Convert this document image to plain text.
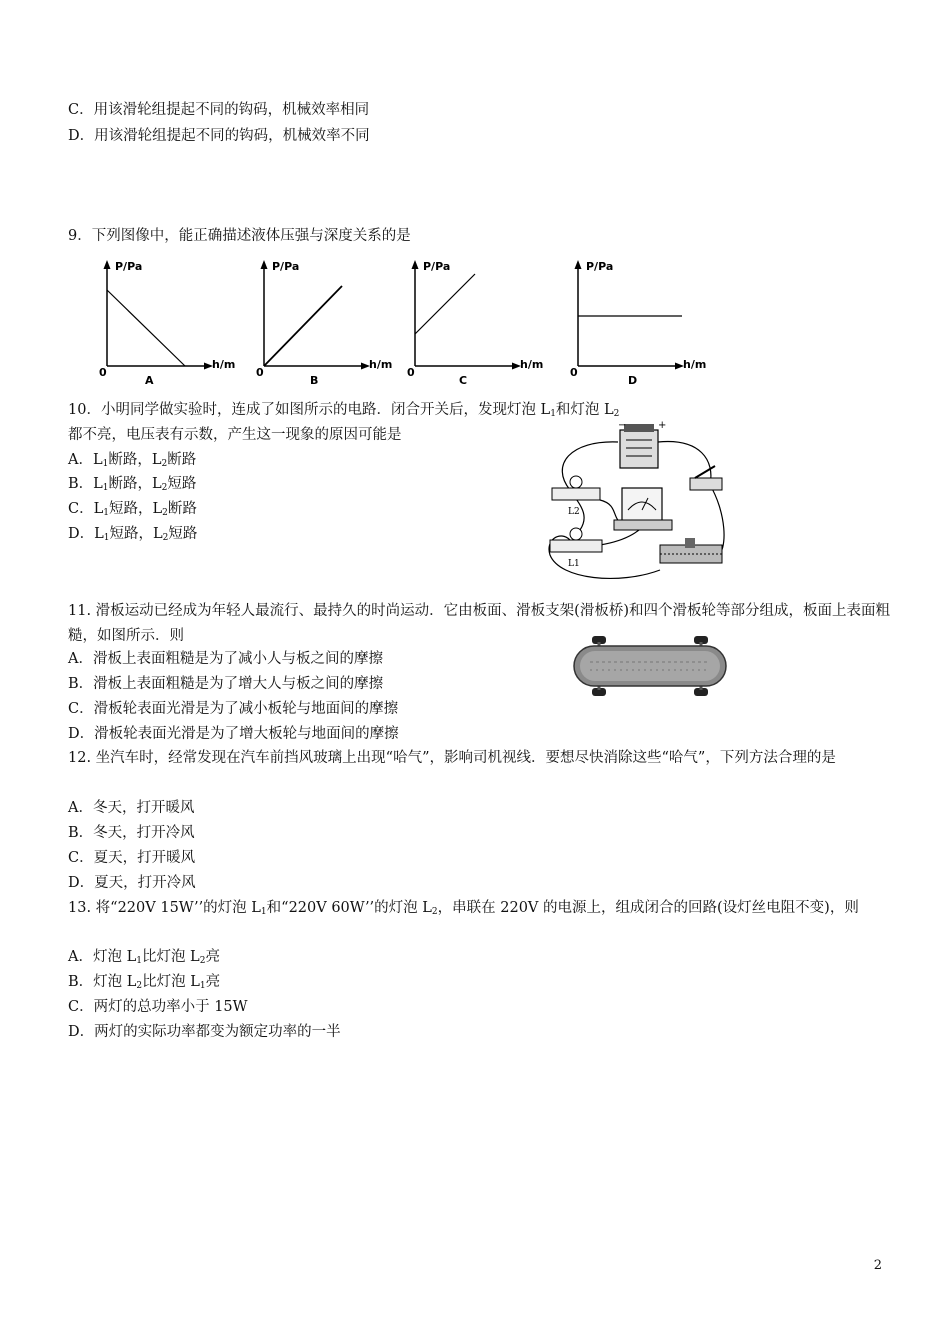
C．用该滑轮组提起不同的钩码，机械效率相同
D．用该滑轮组提起不同的钩码，机械效率不同
9．下列图像中，能正确描述液体压强与深度关系的是
P/Pa
h/m
0
A
P/Pa
h/m
0
B
P/Pa
h/m
0
C
P/Pa
h/m
0
D
10．小明同学做实验时，连成了如图所示的电路．闭合开关后，发现灯泡 $L_1$和灯泡 $L_2$
都不亮，电压表有示数，产生这一现象的原因可能是
A．$L_1$断路，$L_2$断路
B．$L_1$断路，$L_2$短路
C．$L_1$短路，$L_2$断路
D．$L_1$短路，$L_2$短路
−	+
L2
L1
11. 滑板运动已经成为年轻人最流行、最持久的时尚运动．它由板面、滑板支架(滑板桥)和四个滑板轮等部分组成，板面上表面粗糙，如图所示．则
A．滑板上表面粗糙是为了减小人与板之间的摩擦
B．滑板上表面粗糙是为了增大人与板之间的摩擦
C．滑板轮表面光滑是为了减小板轮与地面间的摩擦
D．滑板轮表面光滑是为了增大板轮与地面间的摩擦
12. 坐汽车时，经常发现在汽车前挡风玻璃上出现“哈气”，影响司机视线．要想尽快消除这些“哈气”，下列方法合理的是
A．冬天，打开暖风
B．冬天，打开冷风
C．夏天，打开暖风
D．夏天，打开冷风
13. 将“220V 15W’’的灯泡 $L_1$和“220V 60W’’的灯泡 $L_2$，串联在 220V 的电源上，组成闭合的回路(设灯丝电阻不变)，则
A．灯泡 $L_1$比灯泡 $L_2$亮
B．灯泡 $L_2$比灯泡 $L_1$亮
C．两灯的总功率小于 15W
D．两灯的实际功率都变为额定功率的一半
2
